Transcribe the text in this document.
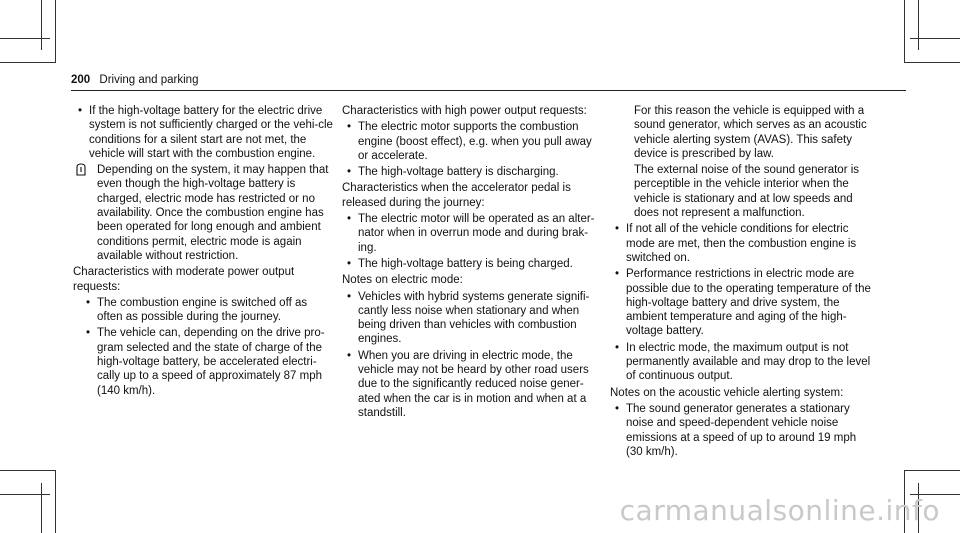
200 Driving and parking
• If the high-voltage battery for the electric drive system is not sufficiently charged or the vehi-cle conditions for a silent start are not met, the vehicle will start with the combustion engine.
Depending on the system, it may happen that even though the high-voltage battery is charged, electric mode has restricted or no availability. Once the combustion engine has been operated for long enough and ambient conditions permit, electric mode is again available without restriction.
Characteristics with moderate power output requests:
• The combustion engine is switched off as often as possible during the journey.
• The vehicle can, depending on the drive pro-gram selected and the state of charge of the high-voltage battery, be accelerated electri-cally up to a speed of approximately 87 mph (140 km/h).
Characteristics with high power output requests:
• The electric motor supports the combustion engine (boost effect), e.g. when you pull away or accelerate.
• The high-voltage battery is discharging.
Characteristics when the accelerator pedal is released during the journey:
• The electric motor will be operated as an alter-nator when in overrun mode and during brak-ing.
• The high-voltage battery is being charged.
Notes on electric mode:
• Vehicles with hybrid systems generate signifi-cantly less noise when stationary and when being driven than vehicles with combustion engines.
• When you are driving in electric mode, the vehicle may not be heard by other road users due to the significantly reduced noise gener-ated when the car is in motion and when at a standstill.
For this reason the vehicle is equipped with a sound generator, which serves as an acoustic vehicle alerting system (AVAS). This safety device is prescribed by law.
The external noise of the sound generator is perceptible in the vehicle interior when the vehicle is stationary and at low speeds and does not represent a malfunction.
• If not all of the vehicle conditions for electric mode are met, then the combustion engine is switched on.
• Performance restrictions in electric mode are possible due to the operating temperature of the high-voltage battery and drive system, the ambient temperature and aging of the high-voltage battery.
• In electric mode, the maximum output is not permanently available and may drop to the level of continuous output.
Notes on the acoustic vehicle alerting system:
• The sound generator generates a stationary noise and speed-dependent vehicle noise emissions at a speed of up to around 19 mph (30 km/h).
carmanualsonline.info
